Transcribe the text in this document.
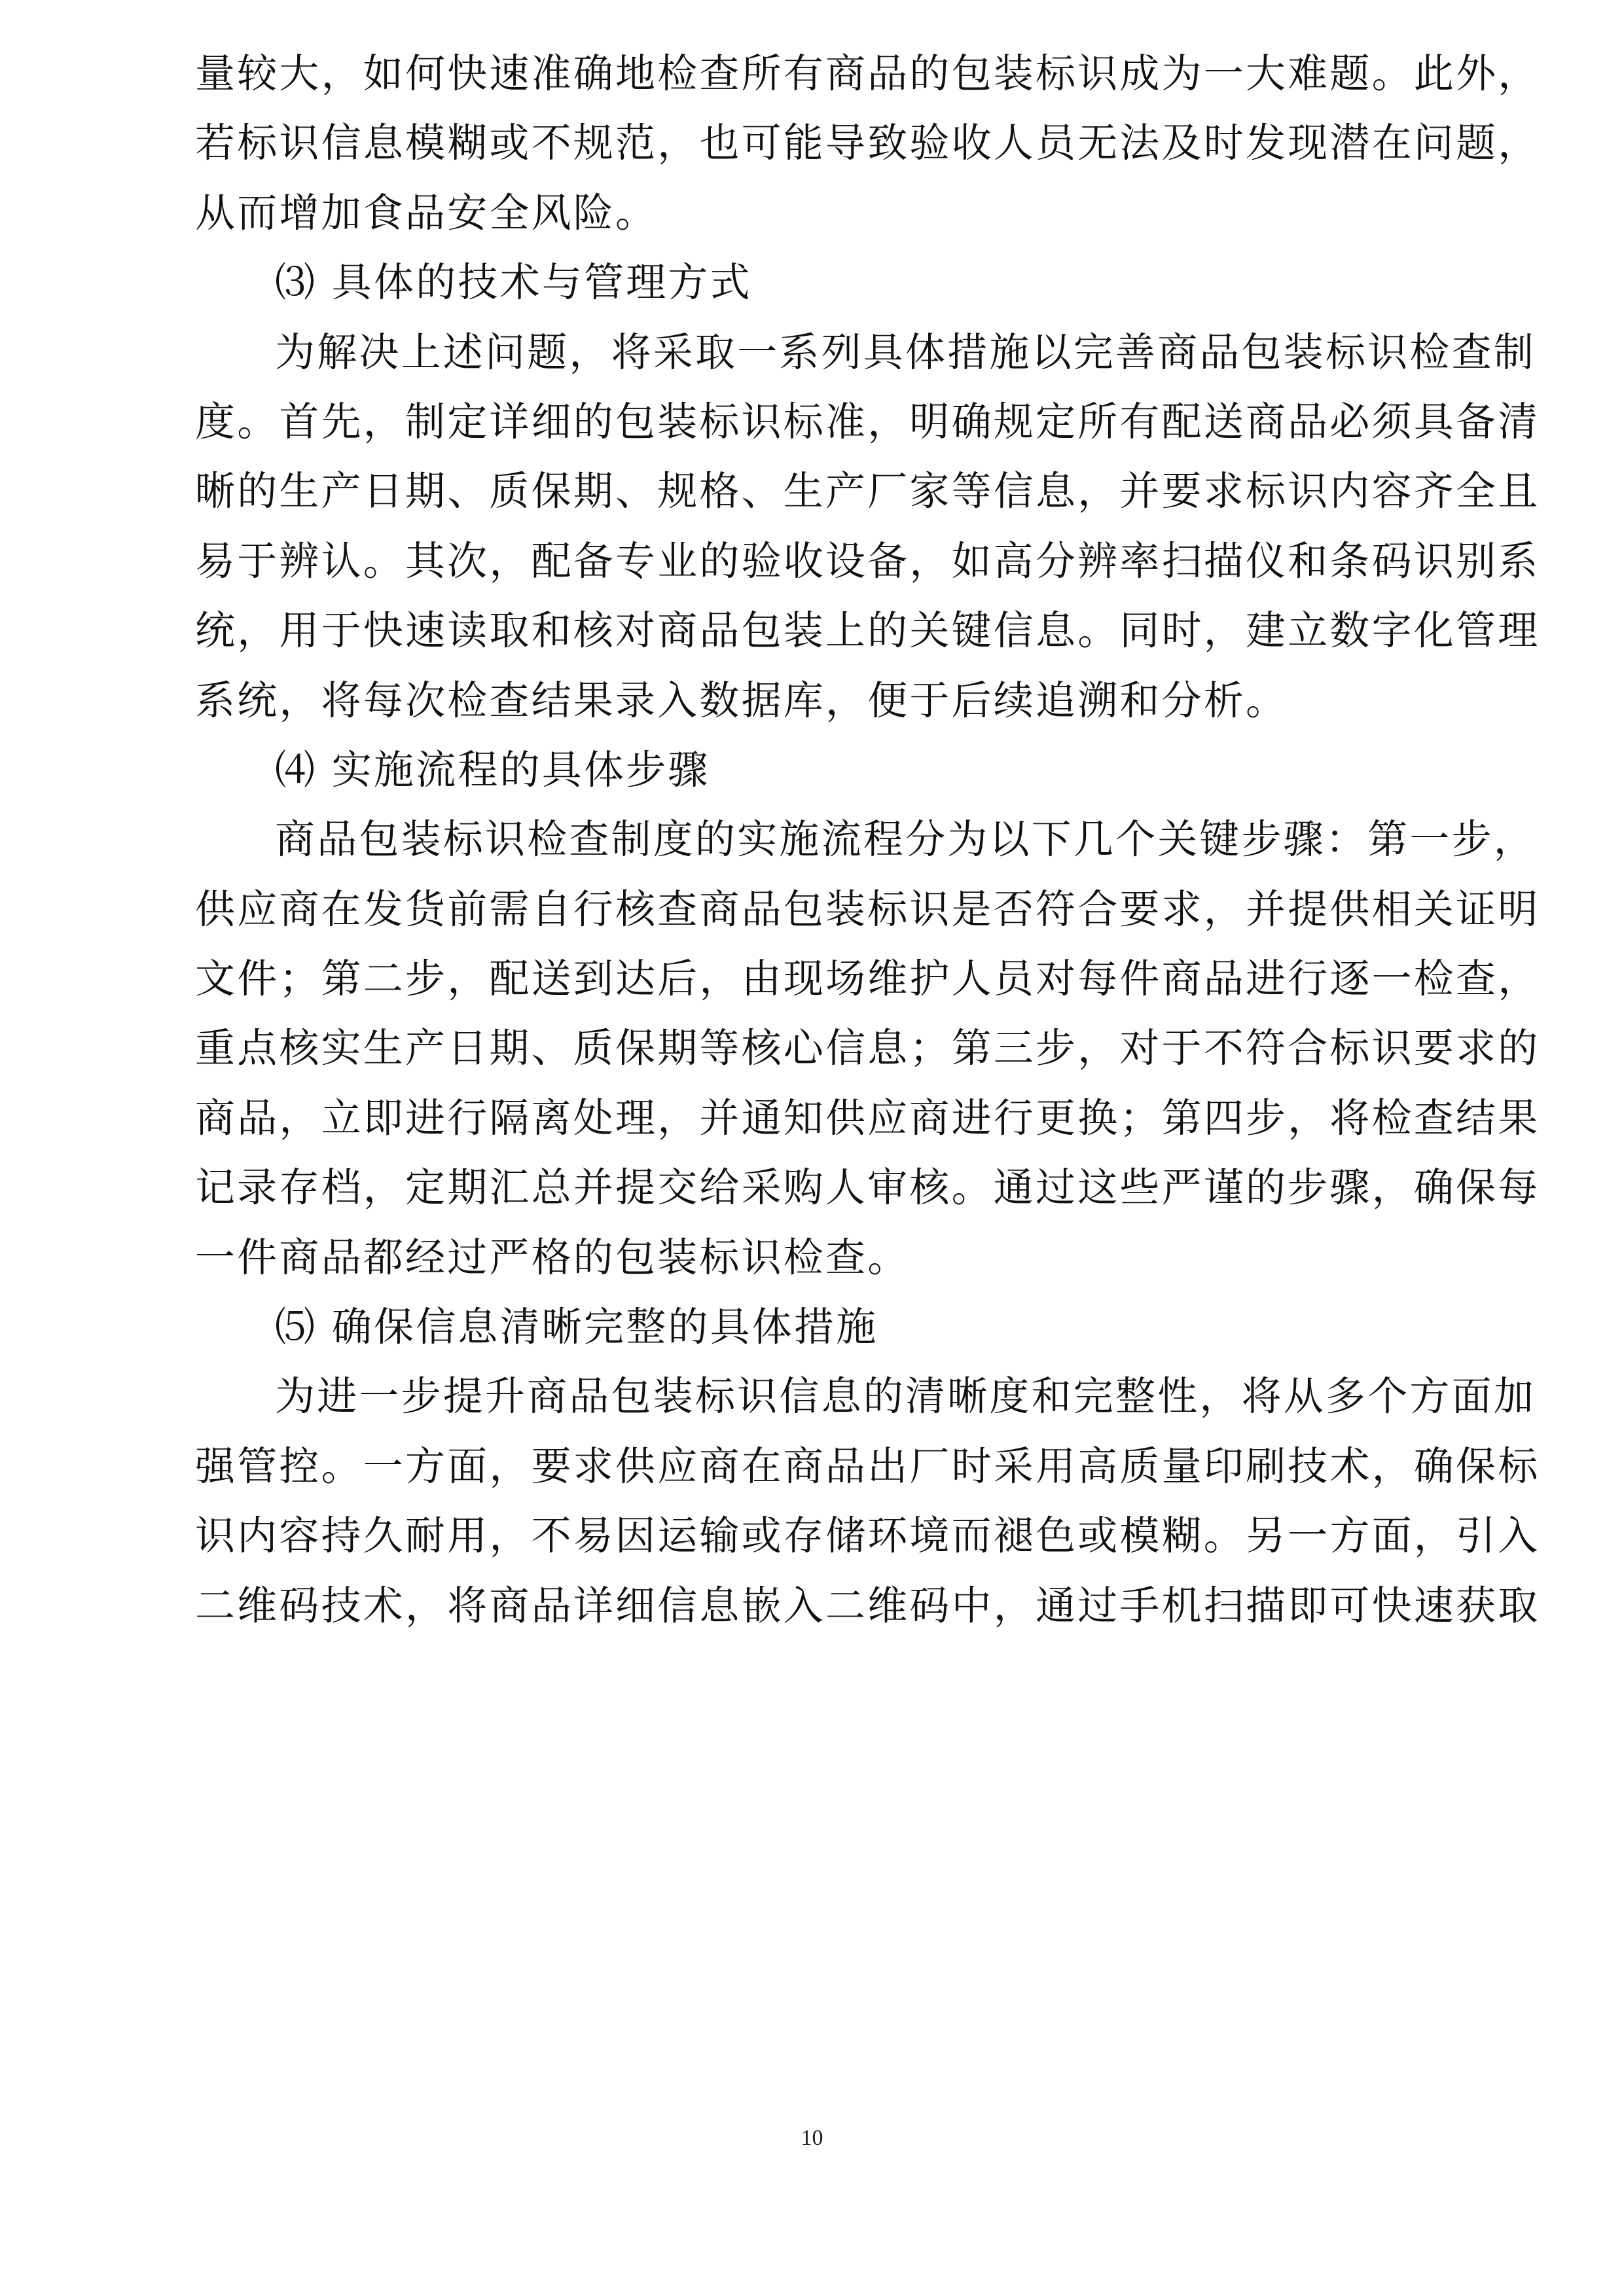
量较大，如何快速准确地检查所有商品的包装标识成为一大难题。此外，
若标识信息模糊或不规范，也可能导致验收人员无法及时发现潜在问题，
从而增加食品安全风险。
⑶ 具体的技术与管理方式
为解决上述问题，将采取一系列具体措施以完善商品包装标识检查制
度。首先，制定详细的包装标识标准，明确规定所有配送商品必须具备清
晰的生产日期、质保期、规格、生产厂家等信息，并要求标识内容齐全且
易于辨认。其次，配备专业的验收设备，如高分辨率扫描仪和条码识别系
统，用于快速读取和核对商品包装上的关键信息。同时，建立数字化管理
系统，将每次检查结果录入数据库，便于后续追溯和分析。
⑷ 实施流程的具体步骤
商品包装标识检查制度的实施流程分为以下几个关键步骤：第一步，
供应商在发货前需自行核查商品包装标识是否符合要求，并提供相关证明
文件；第二步，配送到达后，由现场维护人员对每件商品进行逐一检查，
重点核实生产日期、质保期等核心信息；第三步，对于不符合标识要求的
商品，立即进行隔离处理，并通知供应商进行更换；第四步，将检查结果
记录存档，定期汇总并提交给采购人审核。通过这些严谨的步骤，确保每
一件商品都经过严格的包装标识检查。
⑸ 确保信息清晰完整的具体措施
为进一步提升商品包装标识信息的清晰度和完整性，将从多个方面加
强管控。一方面，要求供应商在商品出厂时采用高质量印刷技术，确保标
识内容持久耐用，不易因运输或存储环境而褪色或模糊。另一方面，引入
二维码技术，将商品详细信息嵌入二维码中，通过手机扫描即可快速获取
10
